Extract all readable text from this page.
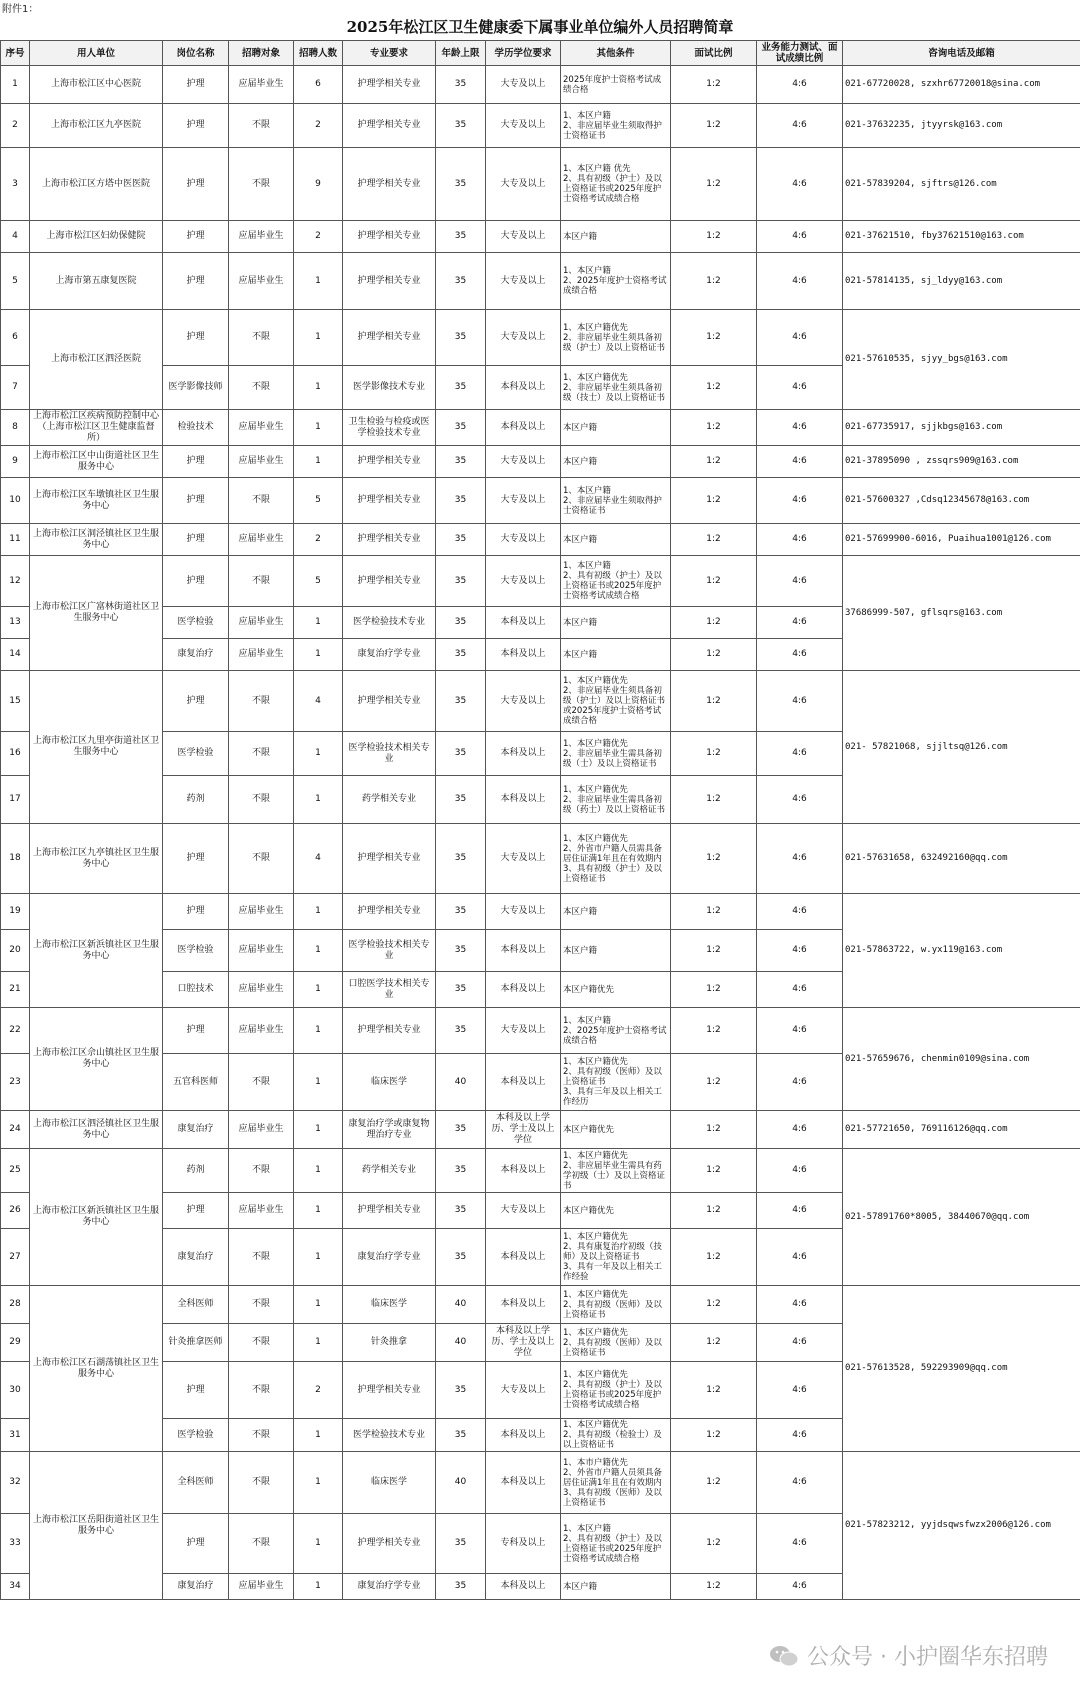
附件1：
2025年松江区卫生健康委下属事业单位编外人员招聘简章
序号	用人单位	岗位名称	招聘对象	招聘人数	专业要求	年龄上限	学历学位要求	其他条件	面试比例	业务能力测试、面试成绩比例	咨询电话及邮箱
1	上海市松江区中心医院	护理	应届毕业生	6	护理学相关专业	35	大专及以上	2025年度护士资格考试成绩合格	1:2	4:6	021-67720028, szxhr67720018@sina.com
2	上海市松江区九亭医院	护理	不限	2	护理学相关专业	35	大专及以上	1、本区户籍
2、非应届毕业生须取得护士资格证书	1:2	4:6	021-37632235, jtyyrsk@163.com
3	上海市松江区方塔中医医院	护理	不限	9	护理学相关专业	35	大专及以上	1、本区户籍 优先
2、具有初级（护士）及以上资格证书或2025年度护士资格考试成绩合格	1:2	4:6	021-57839204, sjftrs@126.com
4	上海市松江区妇幼保健院	护理	应届毕业生	2	护理学相关专业	35	大专及以上	本区户籍	1:2	4:6	021-37621510, fby37621510@163.com
5	上海市第五康复医院	护理	应届毕业生	1	护理学相关专业	35	大专及以上	1、本区户籍
2、2025年度护士资格考试成绩合格	1:2	4:6	021-57814135, sj_ldyy@163.com
6	上海市松江区泗泾医院	护理	不限	1	护理学相关专业	35	大专及以上	1、本区户籍优先
2、非应届毕业生须具备初级（护士）及以上资格证书	1:2	4:6	021-57610535, sjyy_bgs@163.com
7		医学影像技师	不限	1	医学影像技术专业	35	本科及以上	1、本区户籍优先
2、非应届毕业生须具备初级（技士）及以上资格证书	1:2	4:6	
8	上海市松江区疾病预防控制中心（上海市松江区卫生健康监督所）	检验技术	应届毕业生	1	卫生检验与检疫或医学检验技术专业	35	本科及以上	本区户籍	1:2	4:6	021-67735917, sjjkbgs@163.com
9	上海市松江区中山街道社区卫生服务中心	护理	应届毕业生	1	护理学相关专业	35	大专及以上	本区户籍	1:2	4:6	021-37895090 , zssqrs909@163.com
10	上海市松江区车墩镇社区卫生服务中心	护理	不限	5	护理学相关专业	35	大专及以上	1、本区户籍
2、非应届毕业生须取得护士资格证书	1:2	4:6	021-57600327 ,Cdsq12345678@163.com
11	上海市松江区洞泾镇社区卫生服务中心	护理	应届毕业生	2	护理学相关专业	35	大专及以上	本区户籍	1:2	4:6	021-57699900-6016, Puaihua1001@126.com
12	上海市松江区广富林街道社区卫生服务中心	护理	不限	5	护理学相关专业	35	大专及以上	1、本区户籍
2、具有初级（护士）及以上资格证书或2025年度护士资格考试成绩合格	1:2	4:6	37686999-507, gflsqrs@163.com
13		医学检验	应届毕业生	1	医学检验技术专业	35	本科及以上	本区户籍	1:2	4:6	
14		康复治疗	应届毕业生	1	康复治疗学专业	35	本科及以上	本区户籍	1:2	4:6	
15	上海市松江区九里亭街道社区卫生服务中心	护理	不限	4	护理学相关专业	35	大专及以上	1、本区户籍优先
2、非应届毕业生须具备初级（护士）及以上资格证书或2025年度护士资格考试成绩合格	1:2	4:6	021- 57821068, sjjltsq@126.com
16		医学检验	不限	1	医学检验技术相关专业	35	本科及以上	1、本区户籍优先
2、非应届毕业生需具备初级（士）及以上资格证书	1:2	4:6	
17		药剂	不限	1	药学相关专业	35	本科及以上	1、本区户籍优先
2、非应届毕业生需具备初级（药士）及以上资格证书	1:2	4:6	
18	上海市松江区九亭镇社区卫生服务中心	护理	不限	4	护理学相关专业	35	大专及以上	1、本区户籍优先
2、外省市户籍人员需具备居住证满1年且在有效期内
3、具有初级（护士）及以上资格证书	1:2	4:6	021-57631658, 632492160@qq.com
19	上海市松江区新浜镇社区卫生服务中心	护理	应届毕业生	1	护理学相关专业	35	大专及以上	本区户籍	1:2	4:6	021-57863722, w.yx119@163.com
20		医学检验	应届毕业生	1	医学检验技术相关专业	35	本科及以上	本区户籍	1:2	4:6	
21		口腔技术	应届毕业生	1	口腔医学技术相关专业	35	本科及以上	本区户籍优先	1:2	4:6	
22	上海市松江区佘山镇社区卫生服务中心	护理	应届毕业生	1	护理学相关专业	35	大专及以上	1、本区户籍
2、2025年度护士资格考试成绩合格	1:2	4:6	021-57659676, chenmin0109@sina.com
23		五官科医师	不限	1	临床医学	40	本科及以上	1、本区户籍优先
2、具有初级（医师）及以上资格证书
3、具有三年及以上相关工作经历	1:2	4:6	
24	上海市松江区泗泾镇社区卫生服务中心	康复治疗	应届毕业生	1	康复治疗学或康复物理治疗专业	35	本科及以上学历、学士及以上学位	本区户籍优先	1:2	4:6	021-57721650, 769116126@qq.com
25	上海市松江区新浜镇社区卫生服务中心	药剂	不限	1	药学相关专业	35	本科及以上	1、本区户籍优先
2、非应届毕业生需具有药学初级（士）及以上资格证书	1:2	4:6	021-57891760*8005, 38440670@qq.com
26		护理	应届毕业生	1	护理学相关专业	35	大专及以上	本区户籍优先	1:2	4:6	
27		康复治疗	不限	1	康复治疗学专业	35	本科及以上	1、本区户籍优先
2、具有康复治疗初级（技师）及以上资格证书
3、具有一年及以上相关工作经验	1:2	4:6	
28	上海市松江区石湖荡镇社区卫生服务中心	全科医师	不限	1	临床医学	40	本科及以上	1、本区户籍优先
2、具有初级（医师）及以上资格证书	1:2	4:6	021-57613528, 592293909@qq.com
29		针灸推拿医师	不限	1	针灸推拿	40	本科及以上学历、学士及以上学位	1、本区户籍优先
2、具有初级（医师）及以上资格证书	1:2	4:6	
30		护理	不限	2	护理学相关专业	35	大专及以上	1、本区户籍优先
2、具有初级（护士）及以上资格证书或2025年度护士资格考试成绩合格	1:2	4:6	
31		医学检验	不限	1	医学检验技术专业	35	本科及以上	1、本区户籍优先
2、具有初级（检验士）及以上资格证书	1:2	4:6	
32	上海市松江区岳阳街道社区卫生服务中心	全科医师	不限	1	临床医学	40	本科及以上	1、本市户籍优先
2、外省市户籍人员须具备居住证满1年且在有效期内
3、具有初级（医师）及以上资格证书	1:2	4:6	021-57823212, yyjdsqwsfwzx2006@126.com
33		护理	不限	1	护理学相关专业	35	专科及以上	1、本区户籍
2、具有初级（护士）及以上资格证书或2025年度护士资格考试成绩合格	1:2	4:6	
34		康复治疗	应届毕业生	1	康复治疗学专业	35	本科及以上	本区户籍	1:2	4:6	
公众号 · 小护圈华东招聘
